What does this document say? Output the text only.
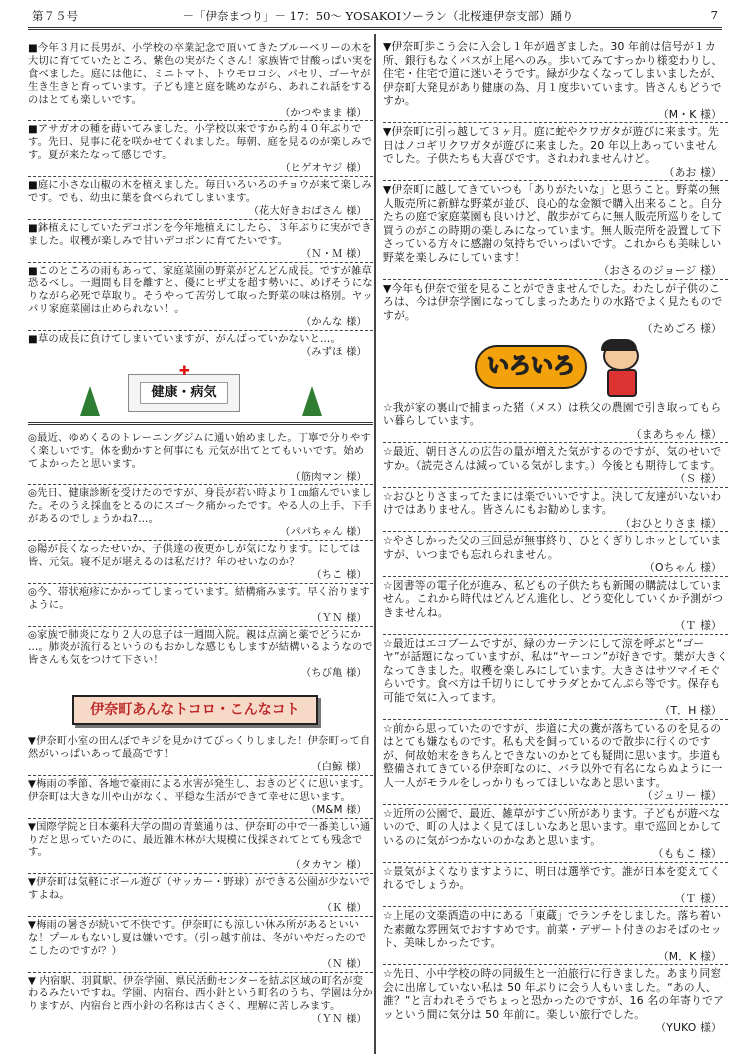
第７５号	－「伊奈まつり」－ 17：50～ YOSAKOIソーラン（北桜連伊奈支部）踊り	7
■今年３月に長男が、小学校の卒業記念で頂いてきたブルーベリーの木を大切に育てていたところ、紫色の実がたくさん！家族皆で甘酸っぱい実を食べました。庭には他に、ミニトマト、トウモロコシ、パセリ、ゴーヤが生き生きと育っています。子ども達と庭を眺めながら、あれこれ話をするのはとても楽しいです。
（かつやまま 様）
■アサガオの種を蒔いてみました。小学校以来ですから約４０年ぶりです。先日、見事に花を咲かせてくれました。毎朝、庭を見るのが楽しみです。夏が来たなって感じです。
（ヒゲオヤジ 様）
■庭に小さな山椒の木を植えました。毎日いろいろのチョウが来て楽しみです。でも、幼虫に葉を食べられてしまいます。
（花大好きおばさん 様）
■鉢植えにしていたデコポンを今年地植えにしたら、３年ぶりに実ができました。収穫が楽しみで甘いデコポンに育てたいです。
（Ｎ・Ｍ 様）
■このところの雨もあって、家庭菜園の野菜がどんどん成長。ですが雑草恐るべし。一週間も目を離すと、優にヒザ丈を超す勢いに、めげそうになりながら必死で草取り。そうやって苦労して取った野菜の味は格別。ヤッパリ家庭菜園は止められない！。
（かんな 様）
■草の成長に負けてしまいていますが、がんばっていかないと…。
（みずほ 様）
✚
健康・病気
◎最近、ゆめくるのトレーニングジムに通い始めました。丁寧で分りやすく楽しいです。体を動かすと何事にも 元気が出てとてもいいです。始めてよかったと思います。
（筋肉マン 様）
◎先日、健康診断を受けたのですが、身長が若い時より１㎝縮んでいました。そのうえ採血をとるのにスゴ～ク痛かったです。やる人の上手、下手があるのでしょうかね?…。
（パパちゃん 様）
◎陽が長くなったせいか、子供達の夜更かしが気になります。にしては皆、元気。寝不足が堪えるのは私だけ？年のせいなのか？
（ちこ 様）
◎今、帯状疱疹にかかってしまっています。結構痛みます。早く治りますように。
（ＹＮ 様）
◎家族で肺炎になり２人の息子は一週間入院。親は点滴と薬でどうにか …。肺炎が流行るというのもおかしな感じもしますが結構いるようなので皆さんも気をつけて下さい！
（ちび亀 様）
伊奈町あんなトコロ・こんなコト
▼伊奈町小室の田んぼでキジを見かけてびっくりしました！伊奈町って自然がいっぱいあって最高です！
（白鯨 様）
▼梅雨の季節、各地で豪雨による水害が発生し、おきのどくに思います。伊奈町は大きな川や山がなく、平穏な生活ができて幸せに思います。
（M&M 様）
▼国際学院と日本薬科大学の間の青葉通りは、伊奈町の中で一番美しい通りだと思っていたのに、最近雑木林が大規模に伐採されてとても残念です。
（タカヤン 様）
▼伊奈町は気軽にボール遊び（サッカー・野球）ができる公園が少ないですよね。
（Ｋ 様）
▼梅雨の暑さが続いて不快です。伊奈町にも涼しい休み所があるといいな！プールもないし夏は嫌いです。（引っ越す前は、冬がいやだったのでこしたのですが？）
（Ｎ 様）
▼ 内宿駅、羽貫駅、伊奈学園、県民活動センターを結ぶ区域の町名が変わるみたいですね。学園、内宿台、西小針という町名のうち、学園は分かりますが、内宿台と西小針の名称は古くさく、理解に苦しみます。
（ＹＮ 様）
▼伊奈町歩こう会に入会し１年が過ぎました。30 年前は信号が１カ所、銀行もなくバスが上尾へのみ。歩いてみてすっかり様変わりし、住宅・住宅で道に迷いそうです。緑が少なくなってしまいましたが、伊奈町大発見があり健康の為、月１度歩いています。皆さんもどうですか。
（M・K 様）
▼伊奈町に引っ越して３ヶ月。庭に蛇やクワガタが遊びに来ます。先日はノコギリクワガタが遊びに来ました。20 年以上あっていませんでした。子供たちも大喜びです。されわれませんけど。
（あお 様）
▼伊奈町に越してきていつも「ありがたいな」と思うこと。野菜の無人販売所に新鮮な野菜が並び、良心的な金額で購入出来ること。自分たちの庭で家庭菜園も良いけど、散歩がてらに無人販売所巡りをして買うのがこの時期の楽しみになっています。無人販売所を設置して下さっている方々に感謝の気持ちでいっぱいです。これからも美味しい野菜を楽しみにしています！
（おさるのジョージ 様）
▼今年も伊奈で蛍を見ることができませんでした。わたしが子供のころは、今は伊奈学園になってしまったあたりの水路でよく見たものですが。
（ためごろ 様）
いろいろ
☆我が家の裏山で捕まった猪（メス）は秩父の農園で引き取ってもらい暮らしています。
（まあちゃん 様）
☆最近、朝日さんの広告の量が増えた気がするのですが、気のせいですか。（読売さんは減っている気がします。）今後とも期待してます。
（Ｓ 様）
☆おひとりさまってたまには楽でいいですよ。決して友達がいないわけではありません。皆さんにもお勧めします。
（おひとりさま 様）
☆やさしかった父の三回忌が無事終り、ひとくぎりしホッとしていますが、いつまでも忘れられません。
（Oちゃん 様）
☆図書等の電子化が進み、私どもの子供たちも新聞の購読はしていません。これから時代はどんどん進化し、どう変化していくか予測がつきませんね。
（Ｔ 様）
☆最近はエコブームですが、緑のカーテンにして涼を呼ぶと“ゴーヤ”が話題になっていますが、私は“ヤーコン”が好きです。葉が大きくなってきました。収穫を楽しみにしています。大きさはサツマイモぐらいです。食べ方は千切りにしてサラダとかてんぷら等です。保存も可能で気に入ってます。
（T．H 様）
☆前から思っていたのですが、歩道に犬の糞が落ちているのを見るのはとても嫌なものです。私も犬を飼っているので散歩に行くのですが、何故始末をきちんとできないのかとても疑問に思います。歩道も整備されてきている伊奈町なのに、バラ以外で有名にならぬように一人一人がモラルをしっかりもってほしいなあと思います。
（ジュリー 様）
☆近所の公園で、最近、雑草がすごい所があります。子どもが遊べないので、町の人はよく見てほしいなあと思います。車で巡回とかしているのに気がつかないのかなあと思います。
（ももこ 様）
☆景気がよくなりますように、明日は選挙です。誰が日本を変えてくれるでしょうか。
（Ｔ 様）
☆上尾の文楽酒造の中にある「東蔵」でランチをしました。落ち着いた素敵な雰囲気でおすすめです。前菜・デザート付きのおそばのセット、美味しかったです。
（M．K 様）
☆先日、小中学校の時の同級生と一泊旅行に行きました。あまり同窓会に出席していない私は 50 年ぶりに会う人もいました。“あの人、誰？”と言われそうでちょっと恐かったのですが、16 名の年寄りでアッという間に気分は 50 年前に。楽しい旅行でした。
（YUKO 様）
